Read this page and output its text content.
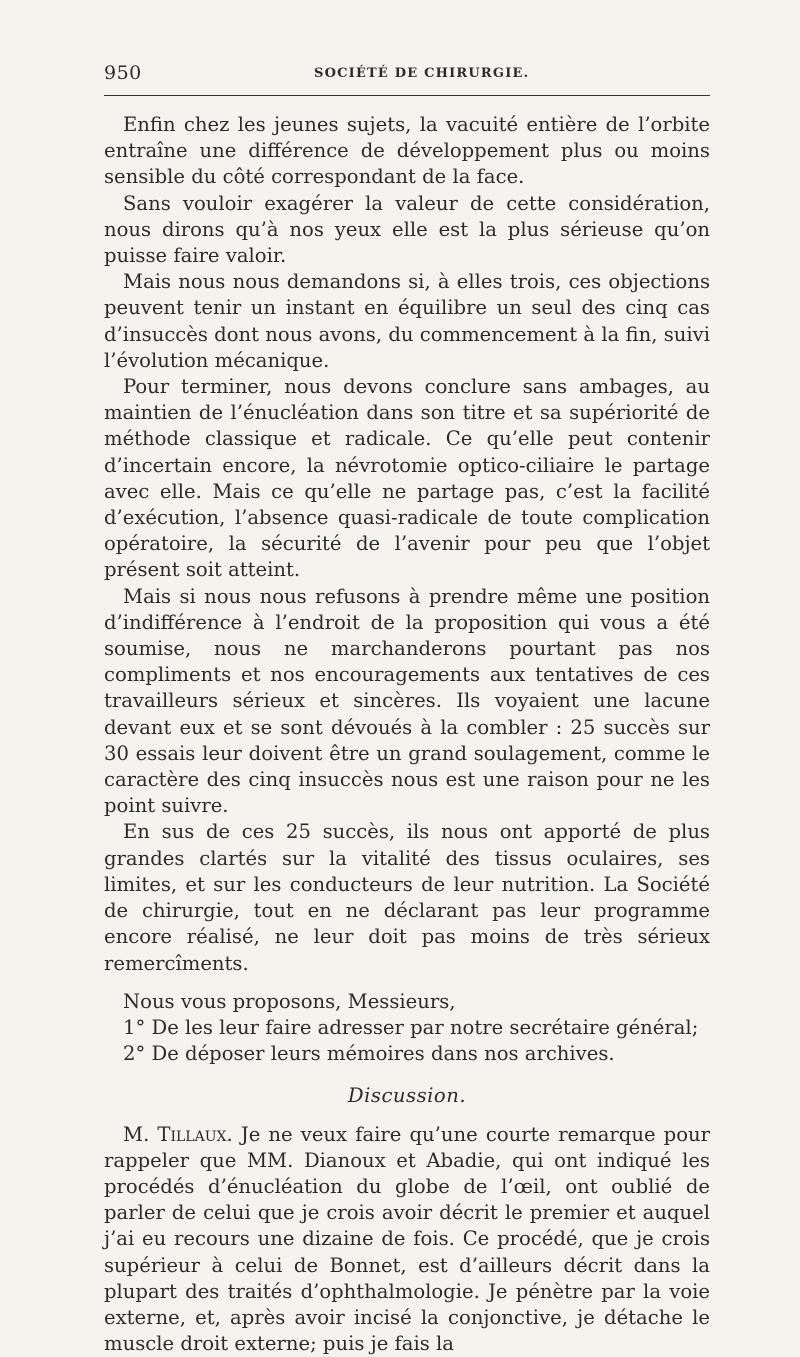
950	SOCIÉTÉ DE CHIRURGIE.

Enfin chez les jeunes sujets, la vacuité entière de l’orbite entraîne une différence de développement plus ou moins sensible du côté correspondant de la face.

Sans vouloir exagérer la valeur de cette considération, nous dirons qu’à nos yeux elle est la plus sérieuse qu’on puisse faire valoir.

Mais nous nous demandons si, à elles trois, ces objections peuvent tenir un instant en équilibre un seul des cinq cas d’insuccès dont nous avons, du commencement à la fin, suivi l’évolution mécanique.

Pour terminer, nous devons conclure sans ambages, au maintien de l’énucléation dans son titre et sa supériorité de méthode classique et radicale. Ce qu’elle peut contenir d’incertain encore, la névrotomie optico-ciliaire le partage avec elle. Mais ce qu’elle ne partage pas, c’est la facilité d’exécution, l’absence quasi-radicale de toute complication opératoire, la sécurité de l’avenir pour peu que l’objet présent soit atteint.

Mais si nous nous refusons à prendre même une position d’indifférence à l’endroit de la proposition qui vous a été soumise, nous ne marchanderons pourtant pas nos compliments et nos encouragements aux tentatives de ces travailleurs sérieux et sincères. Ils voyaient une lacune devant eux et se sont dévoués à la combler : 25 succès sur 30 essais leur doivent être un grand soulagement, comme le caractère des cinq insuccès nous est une raison pour ne les point suivre.

En sus de ces 25 succès, ils nous ont apporté de plus grandes clartés sur la vitalité des tissus oculaires, ses limites, et sur les conducteurs de leur nutrition. La Société de chirurgie, tout en ne déclarant pas leur programme encore réalisé, ne leur doit pas moins de très sérieux remercîments.

Nous vous proposons, Messieurs,

1° De les leur faire adresser par notre secrétaire général;

2° De déposer leurs mémoires dans nos archives.

Discussion.

M. Tillaux. Je ne veux faire qu’une courte remarque pour rappeler que MM. Dianoux et Abadie, qui ont indiqué les procédés d’énucléation du globe de l’œil, ont oublié de parler de celui que je crois avoir décrit le premier et auquel j’ai eu recours une dizaine de fois. Ce procédé, que je crois supérieur à celui de Bonnet, est d’ailleurs décrit dans la plupart des traités d’ophthalmologie. Je pénètre par la voie externe, et, après avoir incisé la conjonctive, je détache le muscle droit externe; puis je fais la
